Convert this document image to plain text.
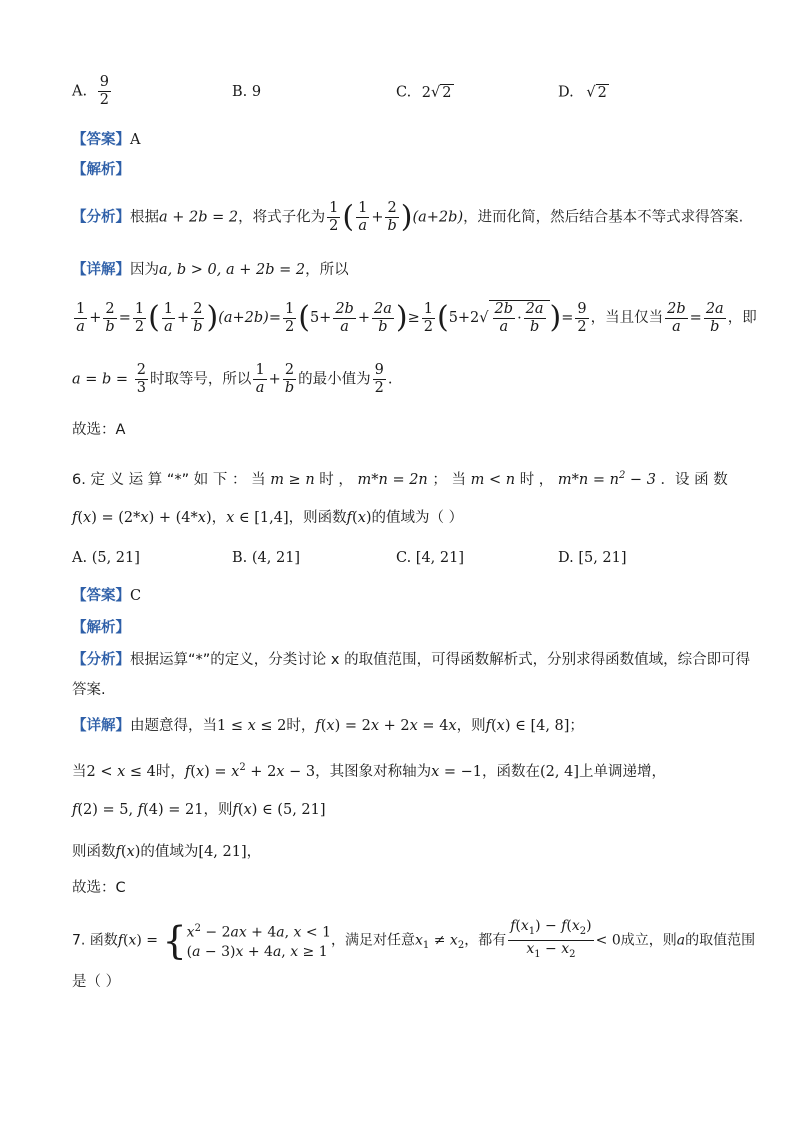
A. $\frac{9}{2}$	B. 9	C. 2√ 2	D. √ 2
【答案】A
【解析】
【分析】根据a + 2b = 2，将式子化为 $\frac{1}{2}$ ( $\frac{1}{a} + \frac{2}{b} )(a+2b)$，进而化简，然后结合基本不等式求得答案.
【详解】因为a, b > 0, a + 2b = 2，所以
$\frac{1}{a} + \frac{2}{b} = \frac{1}{2}$ ( $\frac{1}{a} + \frac{2}{b} )(a+2b)= \frac{1}{2} (5+ \frac{2b}{a} + \frac{2a}{b}$ )≥ $\frac{1}{2} (5+2√ \frac{2b}{a} \cdot \frac{2a}{b}$ )= $\frac{9}{2}$ ，当且仅当 $\frac{2b}{a} = \frac{2a}{b}$ ，即
$a = b = \frac{2}{3}$ 时取等号，所以 $\frac{1}{a} + \frac{2}{b}$ 的最小值为 $\frac{9}{2}$ .
故选：A
6. 定 义 运 算 “*” 如 下 ： 当 m ≥ n 时 ， m*n = 2n ； 当 m < n 时 ， $m*n = n^2 - 3$ ．设 函 数
f(x) = (2*x) + (4*x)，x ∈ [1,4]，则函数f(x)的值域为（ ）
A. (5, 21]	B. (4, 21]	C. [4, 21]	D. [5, 21]
【答案】C
【解析】
【分析】根据运算“*”的定义，分类讨论 x 的取值范围，可得函数解析式，分别求得函数值域，综合即可得
答案.
【详解】由题意得，当1 ≤ x ≤ 2时，f(x) = 2x + 2x = 4x，则f(x) ∈ [4, 8]；
当2 < x ≤ 4时，$f(x) = x^2 + 2x - 3$，其图象对称轴为x = −1，函数在(2, 4]上单调递增，
f(2) = 5, f(4) = 21，则f(x) ∈ (5, 21]
则函数f(x)的值域为[4, 21]，
故选：C
7. 函数f(x) = { $x^2 - 2ax + 4a$, x < 1
(a − 3)x + 4a, x ≥ 1
，满足对任意$x_1 \ne x_2$，都有 $\frac{f(x_1) - f(x_2)}{x_1 - x_2} < 0$成立，则a的取值范围
是（ ）
